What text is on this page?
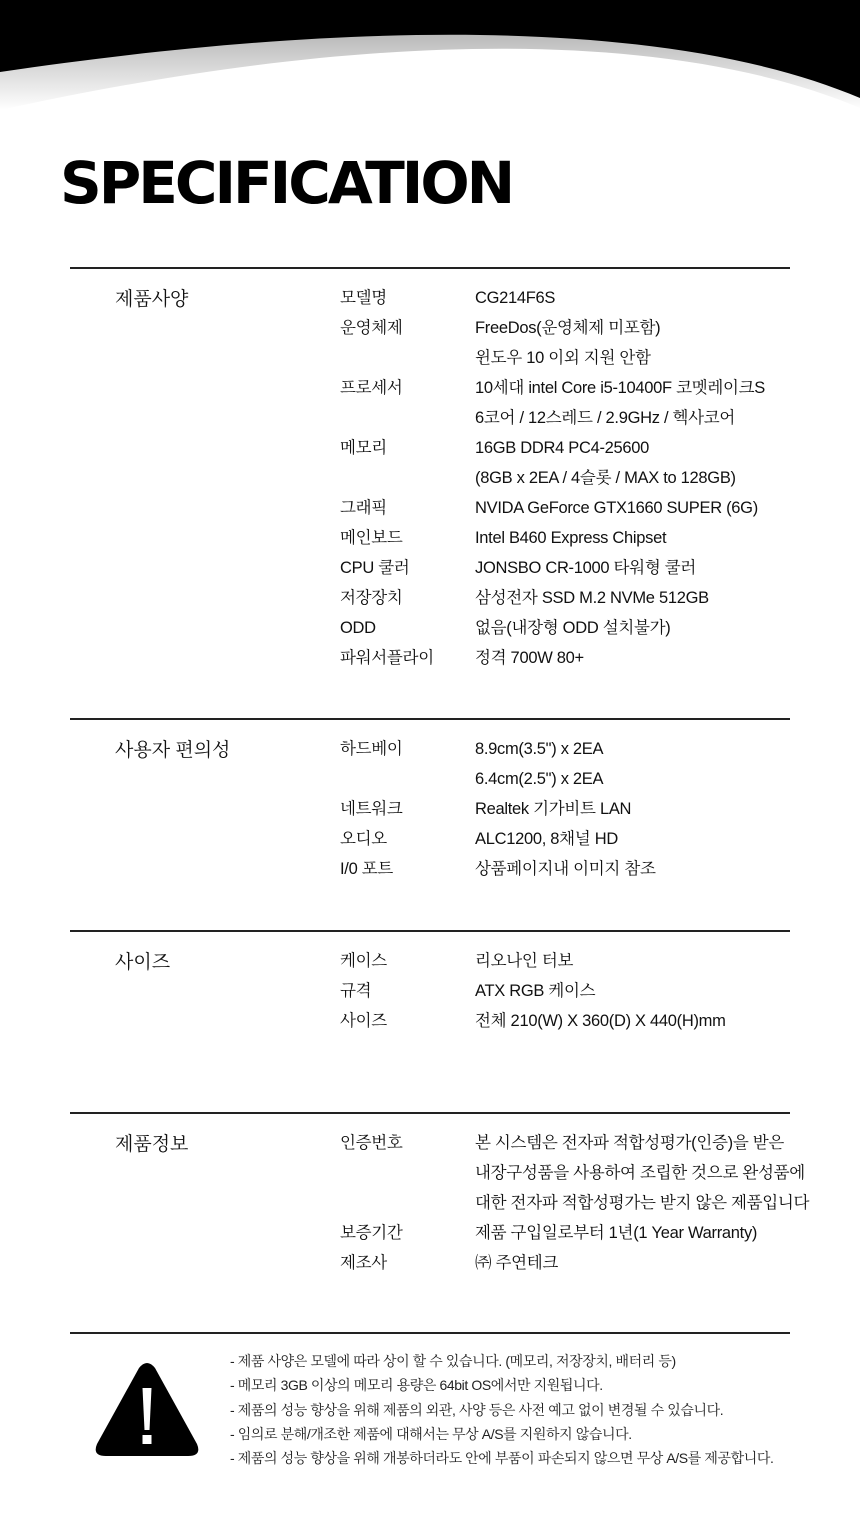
SPECIFICATION
제품사양	모델명	CG214F6S
운영체제	FreeDos(운영체제 미포함)
윈도우 10 이외 지원 안함
프로세서	10세대 intel Core i5-10400F 코멧레이크S
6코어 / 12스레드 / 2.9GHz / 헥사코어
메모리	16GB DDR4 PC4-25600
(8GB x 2EA / 4슬롯 / MAX to 128GB)
그래픽	NVIDA GeForce GTX1660 SUPER (6G)
메인보드	Intel B460 Express Chipset
CPU 쿨러	JONSBO CR-1000 타워형 쿨러
저장장치	삼성전자 SSD M.2 NVMe 512GB
ODD	없음(내장형 ODD 설치불가)
파워서플라이	정격 700W 80+
사용자 편의성	하드베이	8.9cm(3.5") x 2EA
6.4cm(2.5") x 2EA
네트워크	Realtek 기가비트 LAN
오디오	ALC1200, 8채널 HD
I/0 포트	상품페이지내 이미지 참조
사이즈	케이스	리오나인 터보
규격	ATX RGB 케이스
사이즈	전체 210(W) X 360(D) X 440(H)mm
제품정보	인증번호	본 시스템은 전자파 적합성평가(인증)을 받은
내장구성품을 사용하여 조립한 것으로 완성품에
대한 전자파 적합성평가는 받지 않은 제품입니다
보증기간	제품 구입일로부터 1년(1 Year Warranty)
제조사	㈜ 주연테크
- 제품 사양은 모델에 따라 상이 할 수 있습니다. (메모리, 저장장치, 배터리 등)
- 메모리 3GB 이상의 메모리 용량은 64bit OS에서만 지원됩니다.
- 제품의 성능 향상을 위해 제품의 외관, 사양 등은 사전 예고 없이 변경될 수 있습니다.
- 임의로 분해/개조한 제품에 대해서는 무상 A/S를 지원하지 않습니다.
- 제품의 성능 향상을 위해 개봉하더라도 안에 부품이 파손되지 않으면 무상 A/S를 제공합니다.
